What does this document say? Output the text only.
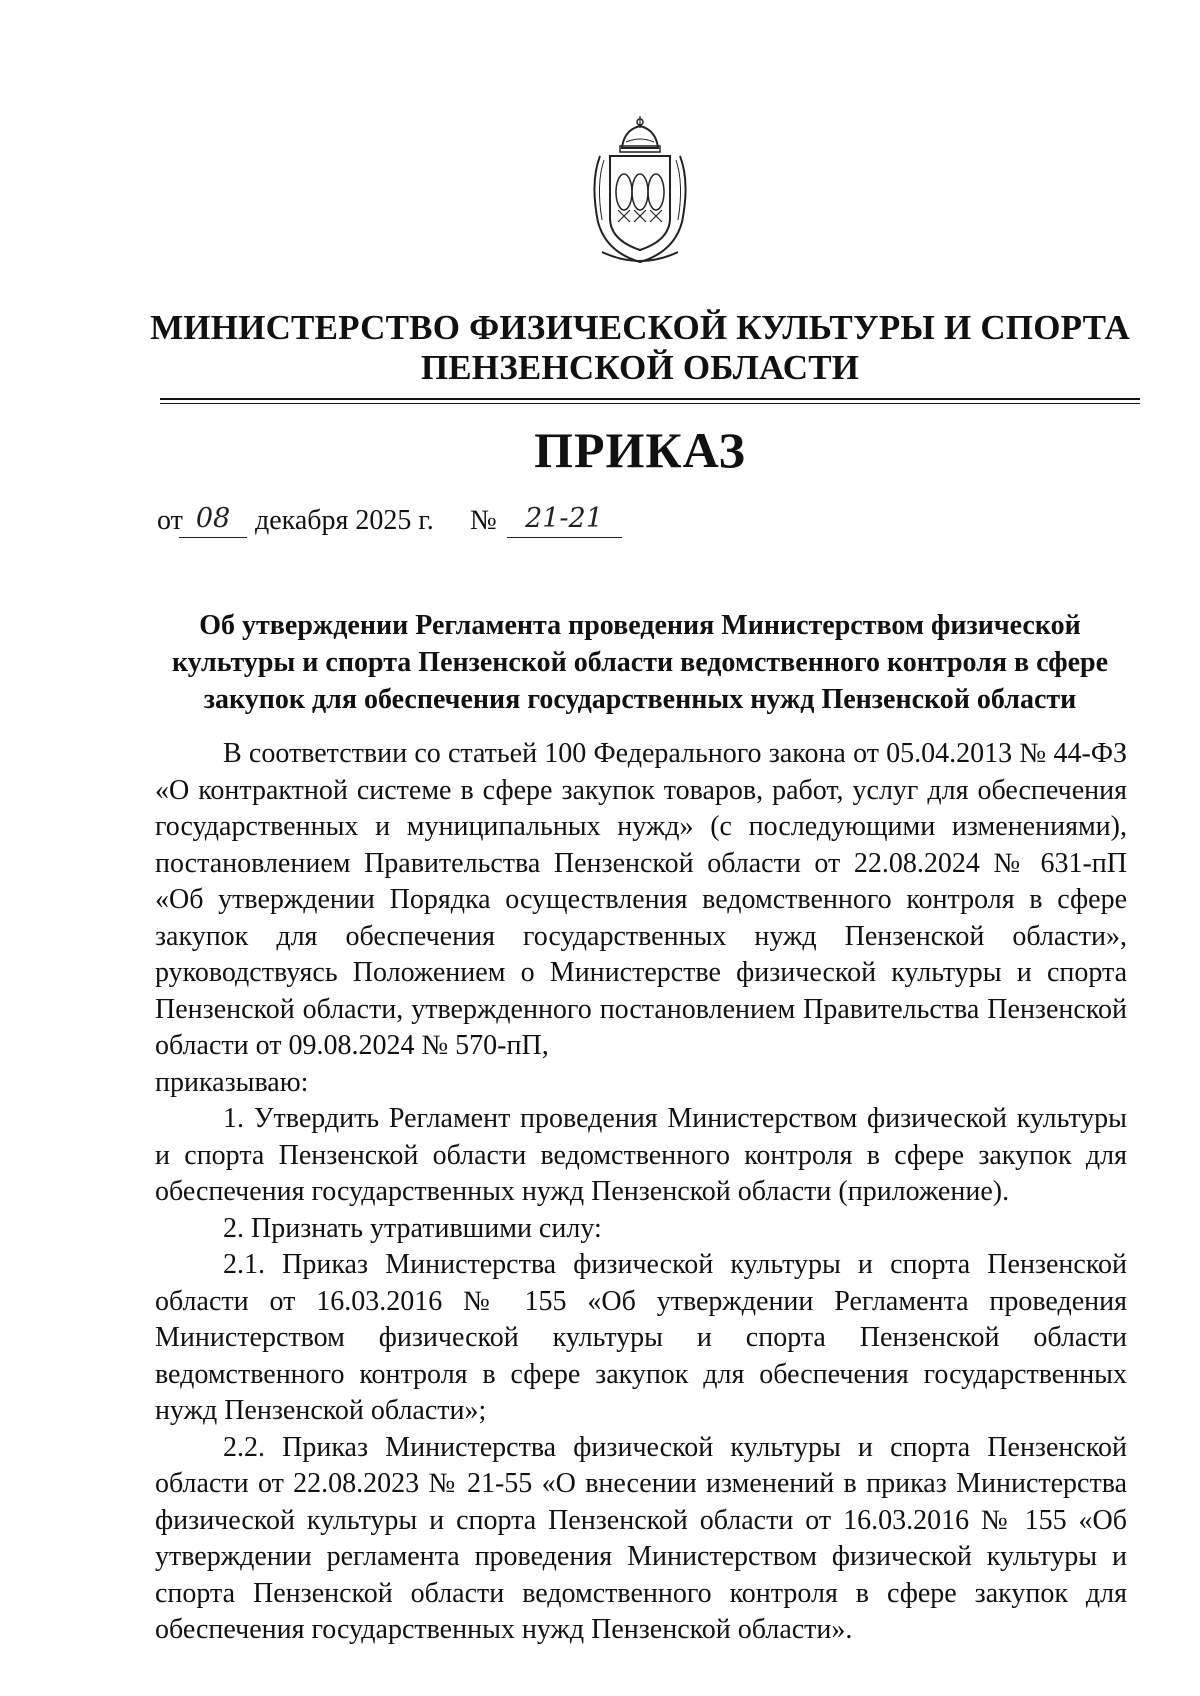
МИНИСТЕРСТВО ФИЗИЧЕСКОЙ КУЛЬТУРЫ И СПОРТА
ПЕНЗЕНСКОЙ ОБЛАСТИ
ПРИКАЗ
от 08 декабря 2025 г. №	21-21
Об утверждении Регламента проведения Министерством физической
культуры и спорта Пензенской области ведомственного контроля в сфере
закупок для обеспечения государственных нужд Пензенской области

В соответствии со статьей 100 Федерального закона от 05.04.2013 № 44-ФЗ «О контрактной системе в сфере закупок товаров, работ, услуг для обеспечения государственных и муниципальных нужд» (с последующими изменениями), постановлением Правительства Пензенской области от 22.08.2024 № 631-пП «Об утверждении Порядка осуществления ведомственного контроля в сфере закупок для обеспечения государственных нужд Пензенской области», руководствуясь Положением о Министерстве физической культуры и спорта Пензенской области, утвержденного постановлением Правительства Пензенской области от 09.08.2024 № 570-пП,

приказываю:

1. Утвердить Регламент проведения Министерством физической культуры и спорта Пензенской области ведомственного контроля в сфере закупок для обеспечения государственных нужд Пензенской области (приложение).

2. Признать утратившими силу:

2.1. Приказ Министерства физической культуры и спорта Пензенской области от 16.03.2016 № 155 «Об утверждении Регламента проведения Министерством физической культуры и спорта Пензенской области ведомственного контроля в сфере закупок для обеспечения государственных нужд Пензенской области»;

2.2. Приказ Министерства физической культуры и спорта Пензенской области от 22.08.2023 № 21-55 «О внесении изменений в приказ Министерства физической культуры и спорта Пензенской области от 16.03.2016 № 155 «Об утверждении регламента проведения Министерством физической культуры и спорта Пензенской области ведомственного контроля в сфере закупок для обеспечения государственных нужд Пензенской области».
